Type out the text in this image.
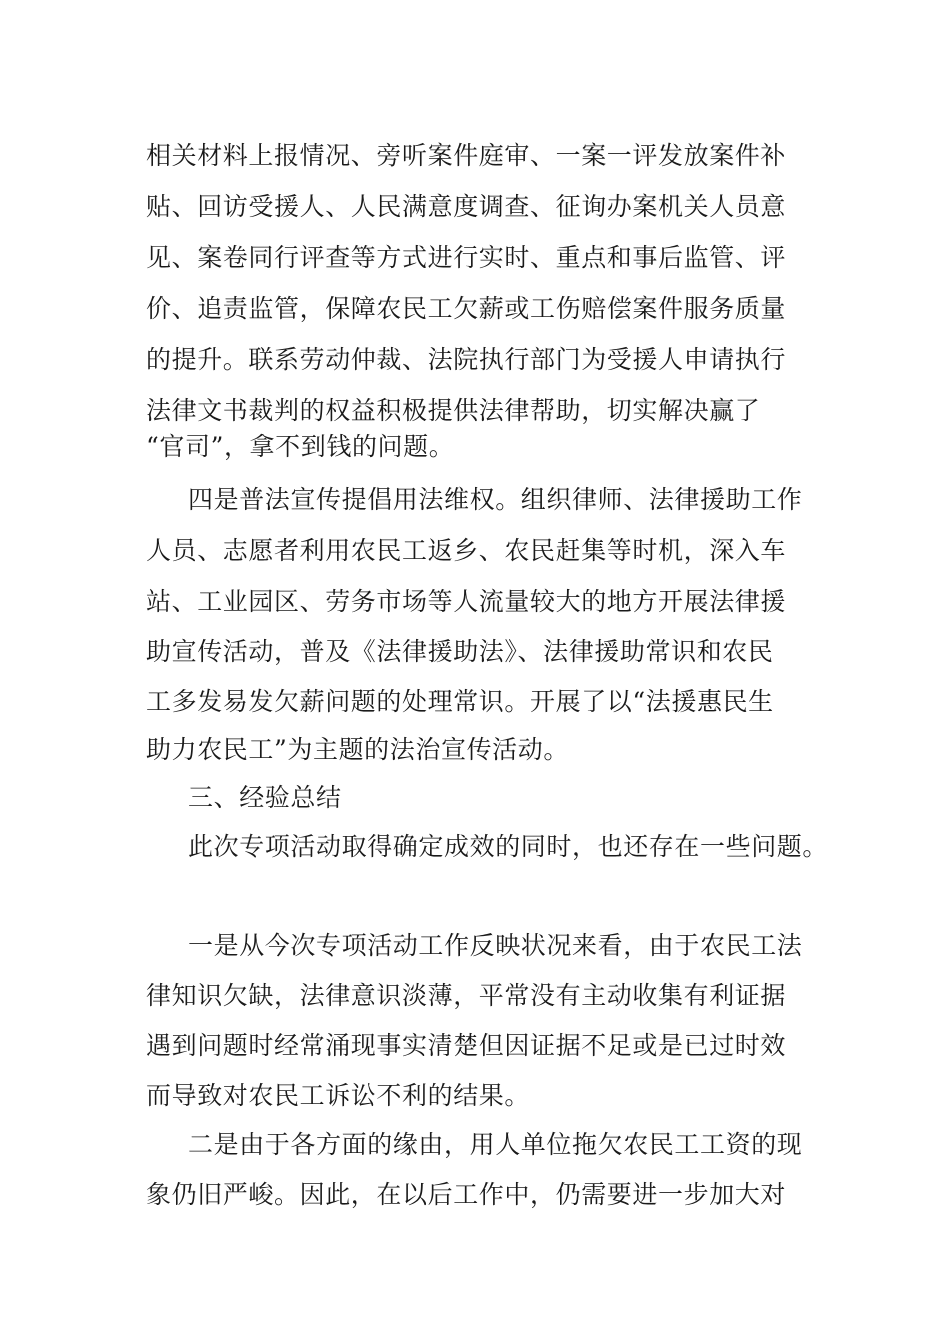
相关材料上报情况、旁听案件庭审、一案一评发放案件补
贴、回访受援人、人民满意度调查、征询办案机关人员意
见、案卷同行评查等方式进行实时、重点和事后监管、评
价、追责监管，保障农民工欠薪或工伤赔偿案件服务质量
的提升。联系劳动仲裁、法院执行部门为受援人申请执行
法律文书裁判的权益积极提供法律帮助，切实解决赢了
“官司”，拿不到钱的问题。
四是普法宣传提倡用法维权。组织律师、法律援助工作
人员、志愿者利用农民工返乡、农民赶集等时机，深入车
站、工业园区、劳务市场等人流量较大的地方开展法律援
助宣传活动，普及《法律援助法》、法律援助常识和农民
工多发易发欠薪问题的处理常识。开展了以“法援惠民生
助力农民工”为主题的法治宣传活动。
三、经验总结
此次专项活动取得确定成效的同时，也还存在一些问题。
一是从今次专项活动工作反映状况来看，由于农民工法
律知识欠缺，法律意识淡薄，平常没有主动收集有利证据
遇到问题时经常涌现事实清楚但因证据不足或是已过时效
而导致对农民工诉讼不利的结果。
二是由于各方面的缘由，用人单位拖欠农民工工资的现
象仍旧严峻。因此，在以后工作中，仍需要进一步加大对
